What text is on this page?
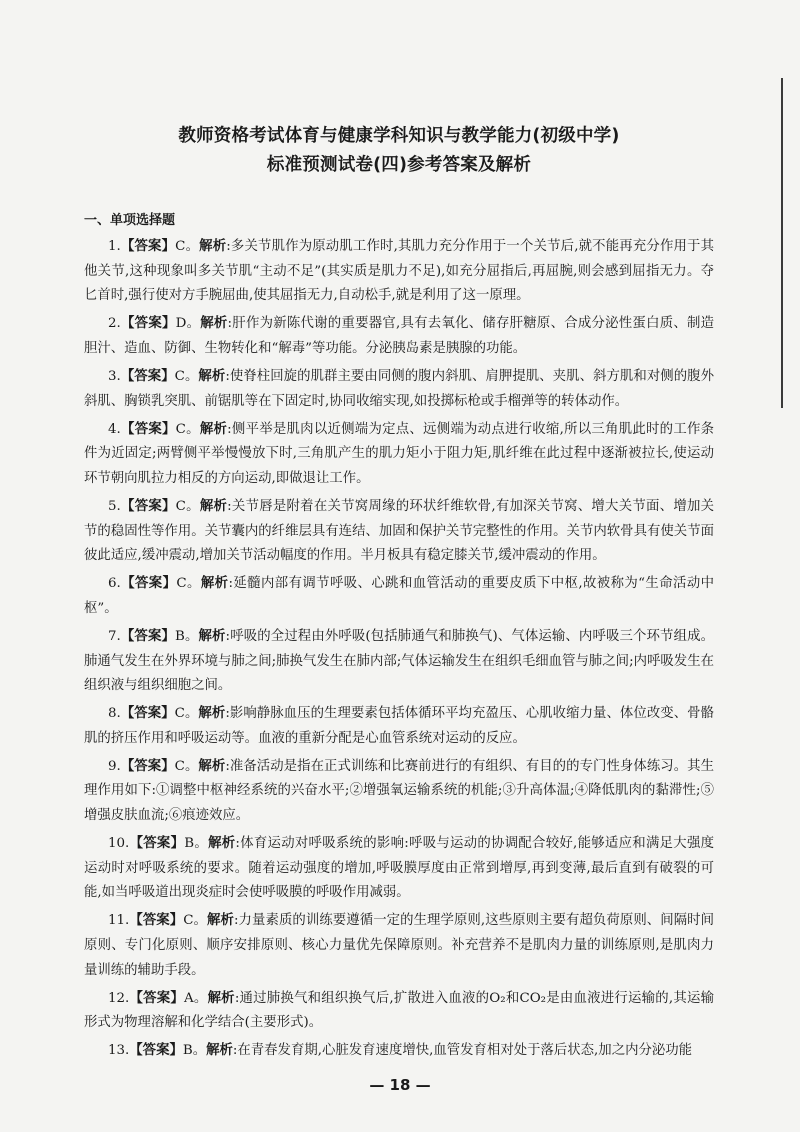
教师资格考试体育与健康学科知识与教学能力(初级中学)
标准预测试卷(四)参考答案及解析
一、单项选择题

1.【答案】C。解析:多关节肌作为原动肌工作时,其肌力充分作用于一个关节后,就不能再充分作用于其他关节,这种现象叫多关节肌“主动不足”(其实质是肌力不足),如充分屈指后,再屈腕,则会感到屈指无力。夺匕首时,强行使对方手腕屈曲,使其屈指无力,自动松手,就是利用了这一原理。

2.【答案】D。解析:肝作为新陈代谢的重要器官,具有去氧化、储存肝糖原、合成分泌性蛋白质、制造胆汁、造血、防御、生物转化和“解毒”等功能。分泌胰岛素是胰腺的功能。

3.【答案】C。解析:使脊柱回旋的肌群主要由同侧的腹内斜肌、肩胛提肌、夹肌、斜方肌和对侧的腹外斜肌、胸锁乳突肌、前锯肌等在下固定时,协同收缩实现,如投掷标枪或手榴弹等的转体动作。

4.【答案】C。解析:侧平举是肌肉以近侧端为定点、远侧端为动点进行收缩,所以三角肌此时的工作条件为近固定;两臂侧平举慢慢放下时,三角肌产生的肌力矩小于阻力矩,肌纤维在此过程中逐渐被拉长,使运动环节朝向肌拉力相反的方向运动,即做退让工作。

5.【答案】C。解析:关节唇是附着在关节窝周缘的环状纤维软骨,有加深关节窝、增大关节面、增加关节的稳固性等作用。关节囊内的纤维层具有连结、加固和保护关节完整性的作用。关节内软骨具有使关节面彼此适应,缓冲震动,增加关节活动幅度的作用。半月板具有稳定膝关节,缓冲震动的作用。

6.【答案】C。解析:延髓内部有调节呼吸、心跳和血管活动的重要皮质下中枢,故被称为“生命活动中枢”。

7.【答案】B。解析:呼吸的全过程由外呼吸(包括肺通气和肺换气)、气体运输、内呼吸三个环节组成。肺通气发生在外界环境与肺之间;肺换气发生在肺内部;气体运输发生在组织毛细血管与肺之间;内呼吸发生在组织液与组织细胞之间。

8.【答案】C。解析:影响静脉血压的生理要素包括体循环平均充盈压、心肌收缩力量、体位改变、骨骼肌的挤压作用和呼吸运动等。血液的重新分配是心血管系统对运动的反应。

9.【答案】C。解析:准备活动是指在正式训练和比赛前进行的有组织、有目的的专门性身体练习。其生理作用如下:①调整中枢神经系统的兴奋水平;②增强氧运输系统的机能;③升高体温;④降低肌肉的黏滞性;⑤增强皮肤血流;⑥痕迹效应。

10.【答案】B。解析:体育运动对呼吸系统的影响:呼吸与运动的协调配合较好,能够适应和满足大强度运动时对呼吸系统的要求。随着运动强度的增加,呼吸膜厚度由正常到增厚,再到变薄,最后直到有破裂的可能,如当呼吸道出现炎症时会使呼吸膜的呼吸作用减弱。

11.【答案】C。解析:力量素质的训练要遵循一定的生理学原则,这些原则主要有超负荷原则、间隔时间原则、专门化原则、顺序安排原则、核心力量优先保障原则。补充营养不是肌肉力量的训练原则,是肌肉力量训练的辅助手段。

12.【答案】A。解析:通过肺换气和组织换气后,扩散进入血液的O₂和CO₂是由血液进行运输的,其运输形式为物理溶解和化学结合(主要形式)。

13.【答案】B。解析:在青春发育期,心脏发育速度增快,血管发育相对处于落后状态,加之内分泌功能

— 18 —
